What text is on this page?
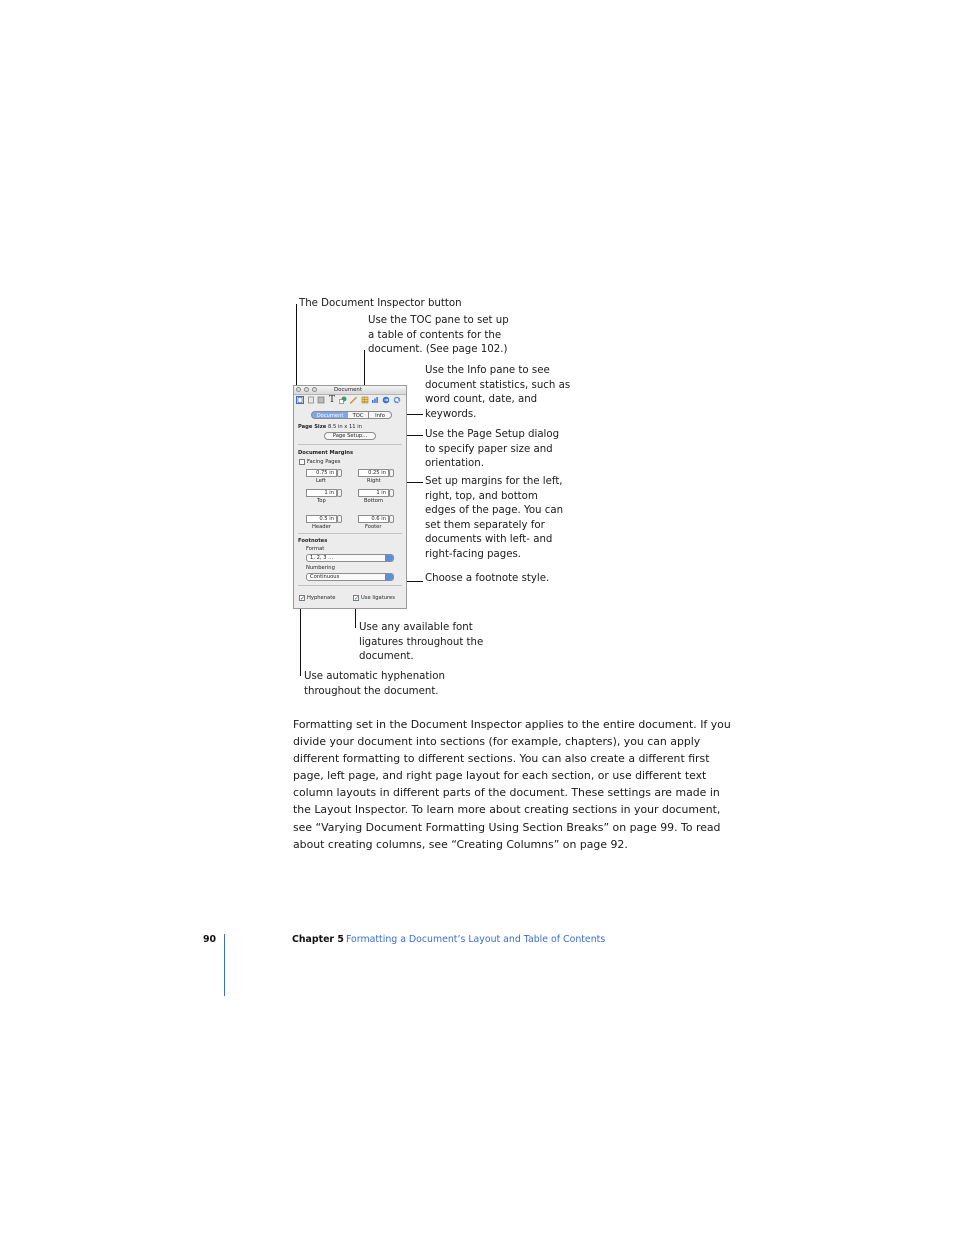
The Document Inspector button
Use the TOC pane to set up
a table of contents for the
document. (See page 102.)
Use the Info pane to see
document statistics, such as
word count, date, and
keywords.
Use the Page Setup dialog
to specify paper size and
orientation.
Set up margins for the left,
right, top, and bottom
edges of the page. You can
set them separately for
documents with left- and
right-facing pages.
Choose a footnote style.
Use any available font
ligatures throughout the
document.
Use automatic hyphenation
throughout the document.
Document
T
Document	TOC	Info
Page Size 8.5 in x 11 in
Page Setup...
Document Margins
Facing Pages
0.75 in
Left
0.25 in
Right
1 in
Top
1 in
Bottom
0.5 in
Header
0.6 in
Footer
Footnotes
Format
1, 2, 3 ...
Numbering
Continuous
✓ Hyphenate	✓ Use ligatures
Formatting set in the Document Inspector applies to the entire document. If you divide your document into sections (for example, chapters), you can apply different formatting to different sections. You can also create a different first page, left page, and right page layout for each section, or use different text column layouts in different parts of the document. These settings are made in the Layout Inspector. To learn more about creating sections in your document, see “Varying Document Formatting Using Section Breaks” on page 99. To read about creating columns, see “Creating Columns” on page 92.
90	Chapter 5 Formatting a Document’s Layout and Table of Contents
